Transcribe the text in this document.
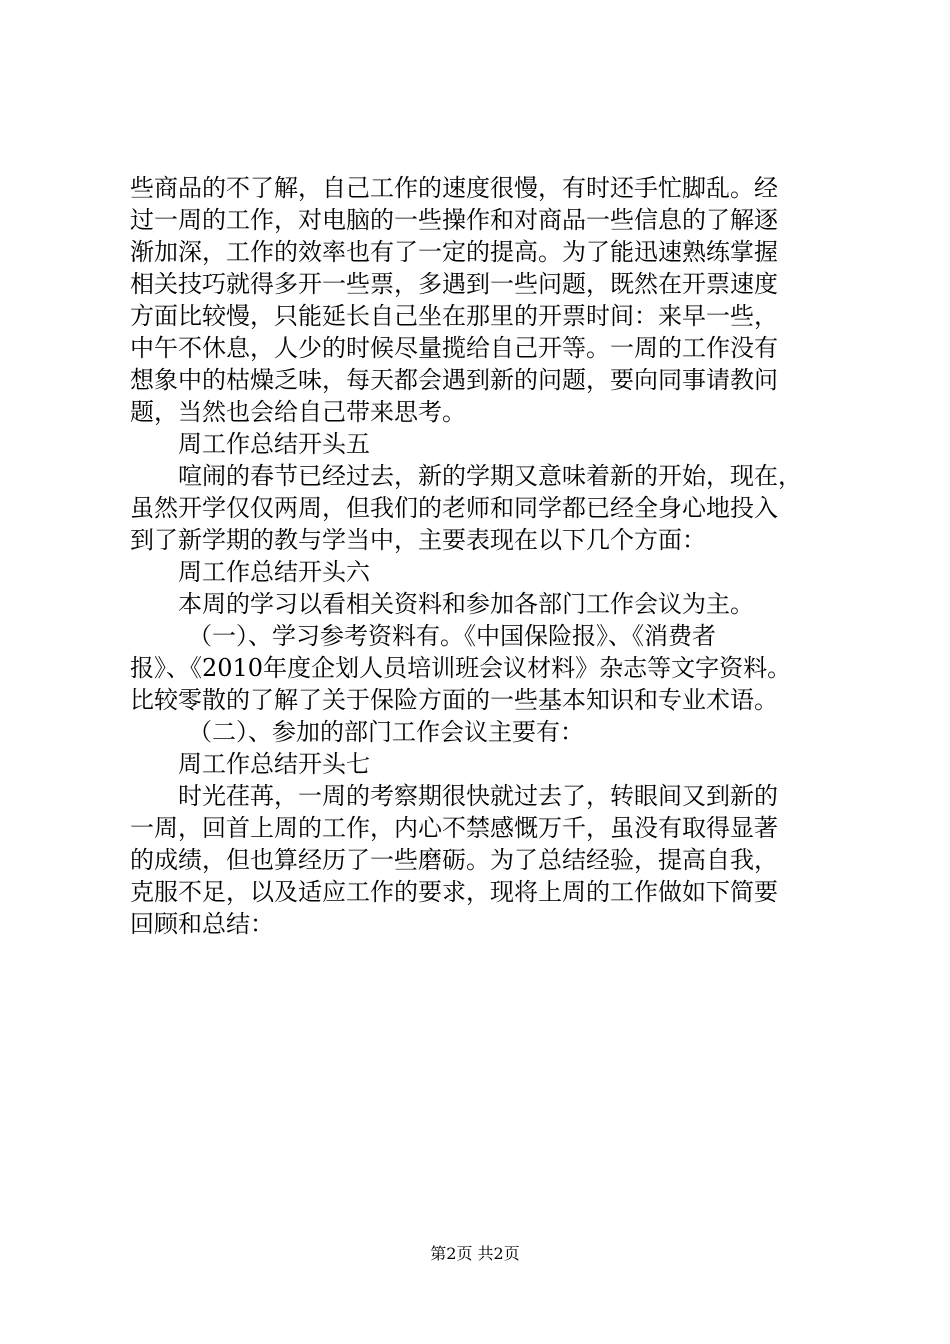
些商品的不了解，自己工作的速度很慢，有时还手忙脚乱。经
过一周的工作，对电脑的一些操作和对商品一些信息的了解逐
渐加深，工作的效率也有了一定的提高。为了能迅速熟练掌握
相关技巧就得多开一些票，多遇到一些问题，既然在开票速度
方面比较慢，只能延长自己坐在那里的开票时间：来早一些，
中午不休息，人少的时候尽量揽给自己开等。一周的工作没有
想象中的枯燥乏味，每天都会遇到新的问题，要向同事请教问
题，当然也会给自己带来思考。
周工作总结开头五
喧闹的春节已经过去，新的学期又意味着新的开始，现在，
虽然开学仅仅两周，但我们的老师和同学都已经全身心地投入
到了新学期的教与学当中，主要表现在以下几个方面：
周工作总结开头六
本周的学习以看相关资料和参加各部门工作会议为主。
（一）、学习参考资料有。《中国保险报》、《消费者
报》、《2010年度企划人员培训班会议材料》杂志等文字资料。
比较零散的了解了关于保险方面的一些基本知识和专业术语。
（二）、参加的部门工作会议主要有：
周工作总结开头七
时光荏苒，一周的考察期很快就过去了，转眼间又到新的
一周，回首上周的工作，内心不禁感慨万千，虽没有取得显著
的成绩，但也算经历了一些磨砺。为了总结经验，提高自我，
克服不足，以及适应工作的要求，现将上周的工作做如下简要
回顾和总结：
第2页 共2页
